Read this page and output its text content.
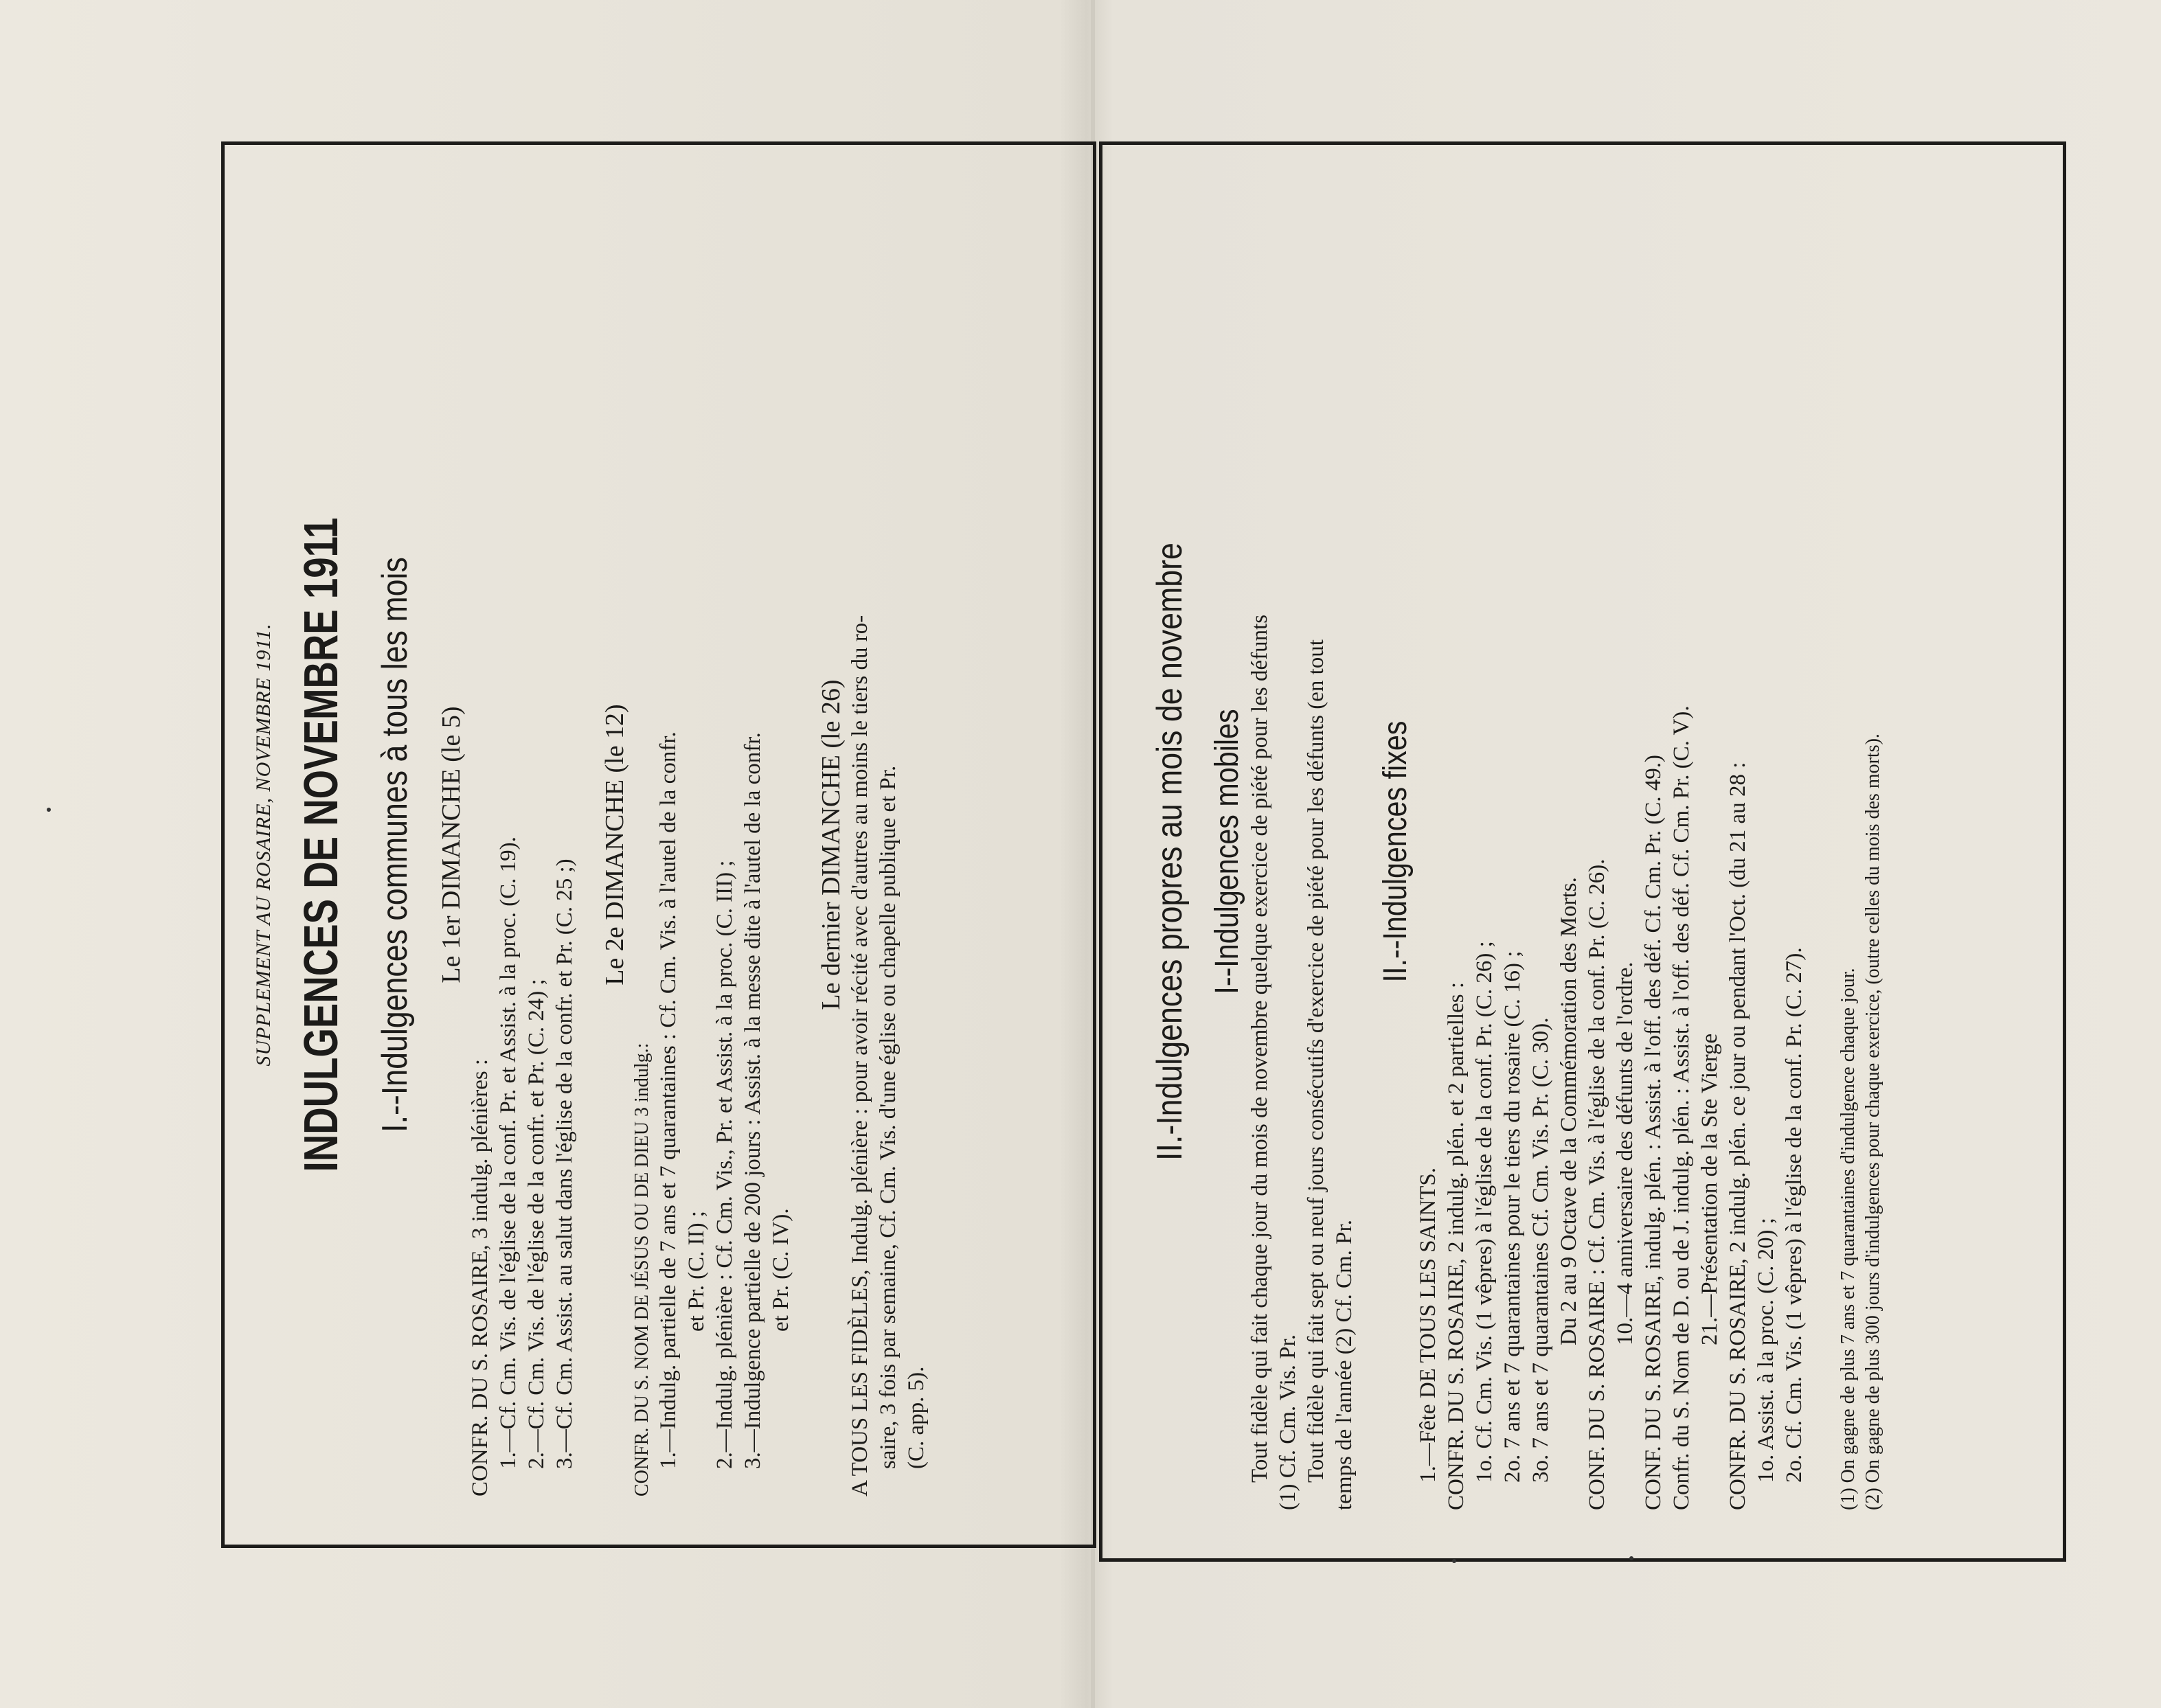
SUPPLEMENT AU ROSAIRE, NOVEMBRE 1911. INDULGENCES DE NOVEMBRE 1911 I.--Indulgences communes à tous les mois Le 1er DIMANCHE (le 5)

CONFR. DU S. ROSAIRE, 3 indulg. plénières : 1.—Cf. Cm. Vis. de l'église de la conf. Pr. et Assist. à la proc. (C. 19). 2.—Cf. Cm. Vis. de l'église de la confr. et Pr. (C. 24) ; 3.—Cf. Cm. Assist. au salut dans l'église de la confr. et Pr. (C. 25 ;)

Le 2e DIMANCHE (le 12)

CONFR. DU S. NOM DE JÉSUS OU DE DIEU 3 indulg.: 1.—Indulg. partielle de 7 ans et 7 quarantaines : Cf. Cm. Vis. à l'autel de la confr. et Pr. (C. II) ; 2.—Indulg. plénière : Cf. Cm. Vis., Pr. et Assist. à la proc. (C. III) ; 3.—Indulgence partielle de 200 jours : Assist. à la messe dite à l'autel de la confr. et Pr. (C. IV).

Le dernier DIMANCHE (le 26) A TOUS LES FIDÈLES, Indulg. plénière : pour avoir récité avec d'autres au moins le tiers du ro- saire, 3 fois par semaine, Cf. Cm. Vis. d'une église ou chapelle publique et Pr. (C. app. 5).

II.-Indulgences propres au mois de novembre I--Indulgences mobiles Tout fidèle qui fait chaque jour du mois de novembre quelque exercice de piété pour les défunts (1) Cf. Cm. Vis. Pr. Tout fidèle qui fait sept ou neuf jours consécutifs d'exercice de piété pour les défunts (en tout temps de l'année (2) Cf. Cm. Pr.

II.--Indulgences fixes

1.—Fête DE TOUS LES SAINTS. CONFR. DU S. ROSAIRE, 2 indulg. plén. et 2 partielles : 1o. Cf. Cm. Vis. (1 vêpres) à l'église de la conf. Pr. (C. 26) ; 2o. 7 ans et 7 quarantaines pour le tiers du rosaire (C. 16) ; 3o. 7 ans et 7 quarantaines Cf. Cm. Vis. Pr. (C. 30). Du 2 au 9 Octave de la Commémoration des Morts. CONF. DU S. ROSAIRE : Cf. Cm. Vis. à l'église de la conf. Pr. (C. 26). 10.—4 anniversaire des défunts de l'ordre. CONF. DU S. ROSAIRE, indulg. plén. : Assist. à l'off. des déf. Cf. Cm. Pr. (C. 49.) Confr. du S. Nom de D. ou de J. indulg. plén. : Assist. à l'off. des déf. Cf. Cm. Pr. (C. V). 21.—Présentation de la Ste Vierge CONFR. DU S. ROSAIRE, 2 indulg. plén. ce jour ou pendant l'Oct. (du 21 au 28 : 1o. Assist. à la proc. (C. 20) ; 2o. Cf. Cm. Vis. (1 vêpres) à l'église de la conf. Pr. (C. 27). (1) On gagne de plus 7 ans et 7 quarantaines d'indulgence chaque jour. (2) On gagne de plus 300 jours d'indulgences pour chaque exercice, (outre celles du mois des morts).
